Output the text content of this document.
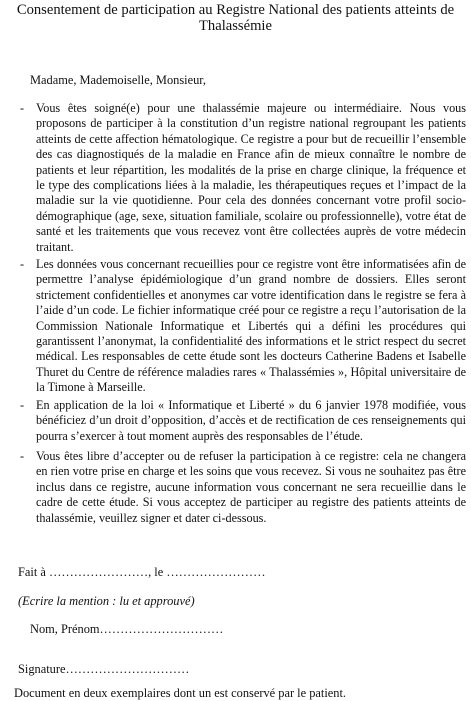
Consentement de participation au Registre National des patients atteints de Thalassémie

Madame, Mademoiselle, Monsieur,

- Vous êtes soigné(e) pour une thalassémie majeure ou intermédiaire. Nous vous proposons de participer à la constitution d’un registre national regroupant les patients atteints de cette affection hématologique. Ce registre a pour but de recueillir l’ensemble des cas diagnostiqués de la maladie en France afin de mieux connaître le nombre de patients et leur répartition, les modalités de la prise en charge clinique, la fréquence et le type des complications liées à la maladie, les thérapeutiques reçues et l’impact de la maladie sur la vie quotidienne. Pour cela des données concernant votre profil socio-démographique (age, sexe, situation familiale, scolaire ou professionnelle), votre état de santé et les traitements que vous recevez vont être collectées auprès de votre médecin traitant.
- Les données vous concernant recueillies pour ce registre vont être informatisées afin de permettre l’analyse épidémiologique d’un grand nombre de dossiers. Elles seront strictement confidentielles et anonymes car votre identification dans le registre se fera à l’aide d’un code. Le fichier informatique créé pour ce registre a reçu l’autorisation de la Commission Nationale Informatique et Libertés qui a défini les procédures qui garantissent l’anonymat, la confidentialité des informations et le strict respect du secret médical. Les responsables de cette étude sont les docteurs Catherine Badens et Isabelle Thuret du Centre de référence maladies rares « Thalassémies », Hôpital universitaire de la Timone à Marseille.
- En application de la loi « Informatique et Liberté » du 6 janvier 1978 modifiée, vous bénéficiez d’un droit d’opposition, d’accès et de rectification de ces renseignements qui pourra s’exercer à tout moment auprès des responsables de l’étude.
- Vous êtes libre d’accepter ou de refuser la participation à ce registre: cela ne changera en rien votre prise en charge et les soins que vous recevez. Si vous ne souhaitez pas être inclus dans ce registre, aucune information vous concernant ne sera recueillie dans le cadre de cette étude. Si vous acceptez de participer au registre des patients atteints de thalassémie, veuillez signer et dater ci-dessous.

Fait à ……………………, le ……………………

(Ecrire la mention : lu et approuvé)

Nom, Prénom…………………………

Signature…………………………

Document en deux exemplaires dont un est conservé par le patient.
